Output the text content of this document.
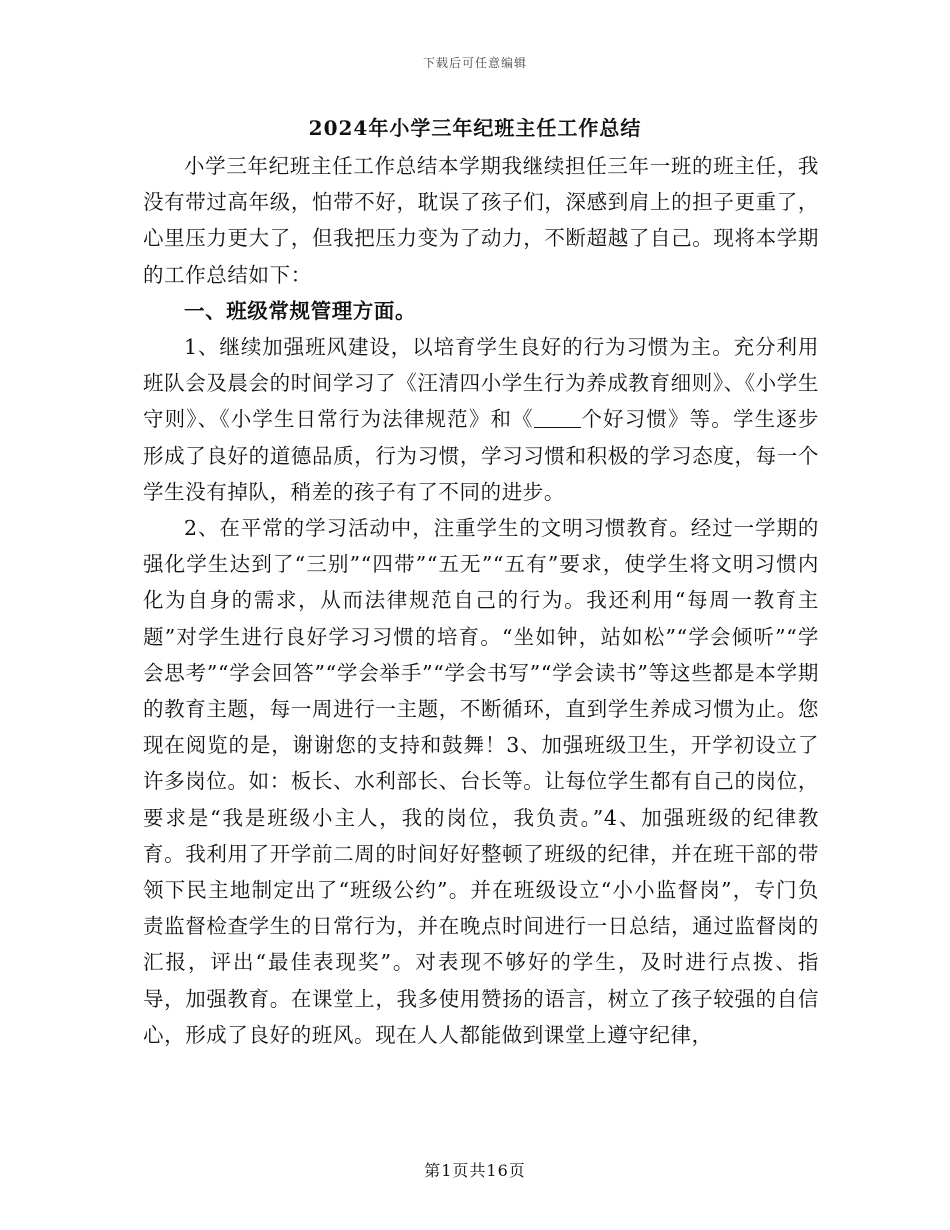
下载后可任意编辑
2024年小学三年纪班主任工作总结

小学三年纪班主任工作总结本学期我继续担任三年一班的班主任，我没有带过高年级，怕带不好，耽误了孩子们，深感到肩上的担子更重了，心里压力更大了，但我把压力变为了动力，不断超越了自己。现将本学期的工作总结如下：

一、班级常规管理方面。

1、继续加强班风建设，以培育学生良好的行为习惯为主。充分利用班队会及晨会的时间学习了《汪清四小学生行为养成教育细则》、《小学生守则》、《小学生日常行为法律规范》和《 个好习惯》等。学生逐步形成了良好的道德品质，行为习惯，学习习惯和积极的学习态度，每一个学生没有掉队，稍差的孩子有了不同的进步。

2、在平常的学习活动中，注重学生的文明习惯教育。经过一学期的强化学生达到了“三别”“四带”“五无”“五有”要求，使学生将文明习惯内化为自身的需求，从而法律规范自己的行为。我还利用“每周一教育主题”对学生进行良好学习习惯的培育。“坐如钟，站如松”“学会倾听”“学会思考”“学会回答”“学会举手”“学会书写”“学会读书”等这些都是本学期的教育主题，每一周进行一主题，不断循环，直到学生养成习惯为止。您现在阅览的是，谢谢您的支持和鼓舞！3、加强班级卫生，开学初设立了许多岗位。如：板长、水利部长、台长等。让每位学生都有自己的岗位，要求是“我是班级小主人，我的岗位，我负责。”4、加强班级的纪律教育。我利用了开学前二周的时间好好整顿了班级的纪律，并在班干部的带领下民主地制定出了“班级公约”。并在班级设立“小小监督岗”，专门负责监督检查学生的日常行为，并在晚点时间进行一日总结，通过监督岗的汇报，评出“最佳表现奖”。对表现不够好的学生，及时进行点拨、指导，加强教育。在课堂上，我多使用赞扬的语言，树立了孩子较强的自信心，形成了良好的班风。现在人人都能做到课堂上遵守纪律，

第1页共16页
